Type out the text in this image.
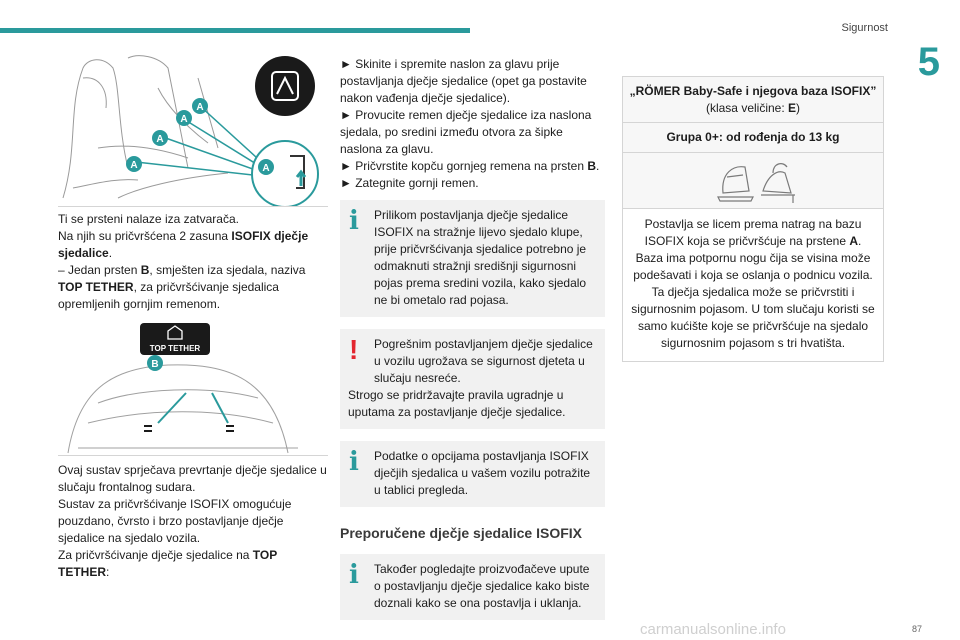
Sigurnost
5
A
A
A
A	A

Ti se prsteni nalaze iza zatvarača.
Na njih su pričvršćena 2 zasuna ISOFIX dječje sjedalice.
– Jedan prsten B, smješten iza sjedala, naziva TOP TETHER, za pričvršćivanje sjedalica opremljenih gornjim remenom.

TOP TETHER
B

Ovaj sustav sprječava prevrtanje dječje sjedalice u slučaju frontalnog sudara.

Sustav za pričvršćivanje ISOFIX omogućuje pouzdano, čvrsto i brzo postavljanje dječje sjedalice na sjedalo vozila.

Za pričvršćivanje dječje sjedalice na TOP TETHER:

► Skinite i spremite naslon za glavu prije postavljanja dječje sjedalice (opet ga postavite nakon vađenja dječje sjedalice).

► Provucite remen dječje sjedalice iza naslona sjedala, po sredini između otvora za šipke naslona za glavu.

► Pričvrstite kopču gornjeg remena na prsten B.

► Zategnite gornji remen.

i	Prilikom postavljanja dječje sjedalice ISOFIX na stražnje lijevo sjedalo klupe, prije pričvršćivanja sjedalice potrebno je odmaknuti stražnji središnji sigurnosni pojas prema sredini vozila, kako sjedalo ne bi ometalo rad pojasa.

!	Pogrešnim postavljanjem dječje sjedalice u vozilu ugrožava se sigurnost djeteta u slučaju nesreće.

Strogo se pridržavajte pravila ugradnje u uputama za postavljanje dječje sjedalice.

i	Podatke o opcijama postavljanja ISOFIX dječjih sjedalica u vašem vozilu potražite u tablici pregleda.

Preporučene dječje sjedalice ISOFIX
i	Također pogledajte proizvođačeve upute o postavljanju dječje sjedalice kako biste doznali kako se ona postavlja i uklanja.

„RÖMER Baby-Safe i njegova baza ISOFIX”
(klasa veličine: E)
Grupa 0+: od rođenja do 13 kg
Postavlja se licem prema natrag na bazu ISOFIX koja se pričvršćuje na prstene A. Baza ima potpornu nogu čija se visina može podešavati i koja se oslanja o podnicu vozila. Ta dječja sjedalica može se pričvrstiti i sigurnosnim pojasom. U tom slučaju koristi se samo kućište koje se pričvršćuje na sjedalo sigurnosnim pojasom s tri hvatišta.
carmanualsonline.info	87
